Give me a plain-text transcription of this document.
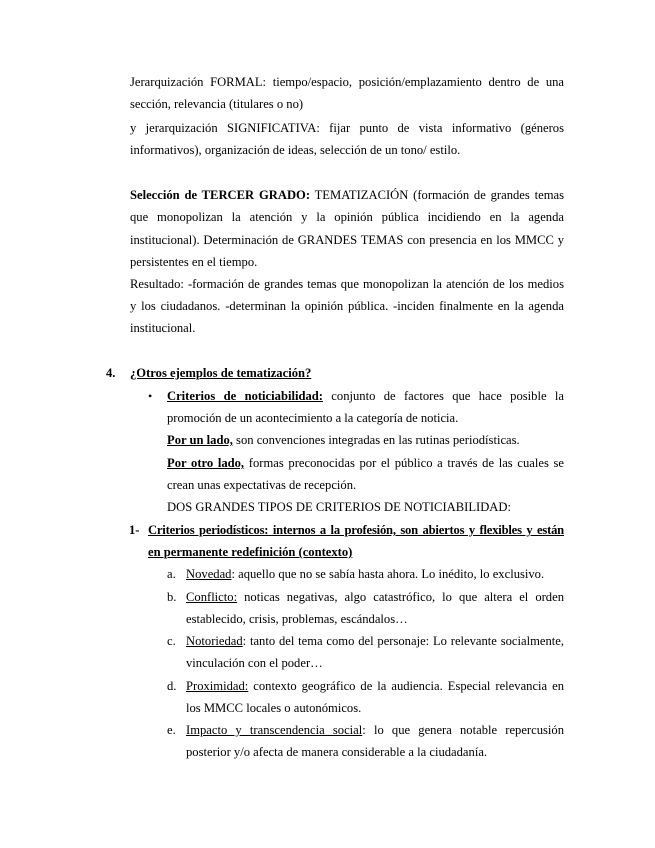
Jerarquización FORMAL: tiempo/espacio, posición/emplazamiento dentro de una
sección, relevancia (titulares o no)
y jerarquización SIGNIFICATIVA: fijar punto de vista informativo (géneros
informativos), organización de ideas, selección de un tono/ estilo.
Selección de TERCER GRADO: TEMATIZACIÓN (formación de grandes temas
que monopolizan la atención y la opinión pública incidiendo en la agenda
institucional). Determinación de GRANDES TEMAS con presencia en los MMCC y
persistentes en el tiempo.
Resultado: -formación de grandes temas que monopolizan la atención de los medios
y los ciudadanos. -determinan la opinión pública. -inciden finalmente en la agenda
institucional.
4. ¿Otros ejemplos de tematización?
• Criterios de noticiabilidad: conjunto de factores que hace posible la
promoción de un acontecimiento a la categoría de noticia.
Por un lado, son convenciones integradas en las rutinas periodísticas.
Por otro lado, formas preconocidas por el público a través de las cuales se
crean unas expectativas de recepción.
DOS GRANDES TIPOS DE CRITERIOS DE NOTICIABILIDAD:
1- Criterios periodísticos: internos a la profesión, son abiertos y flexibles y están
en permanente redefinición (contexto)
a. Novedad: aquello que no se sabía hasta ahora. Lo inédito, lo exclusivo.
b. Conflicto: noticas negativas, algo catastrófico, lo que altera el orden
establecido, crisis, problemas, escándalos…
c. Notoriedad: tanto del tema como del personaje: Lo relevante socialmente,
vinculación con el poder…
d. Proximidad: contexto geográfico de la audiencia. Especial relevancia en
los MMCC locales o autonómicos.
e. Impacto y transcendencia social: lo que genera notable repercusión
posterior y/o afecta de manera considerable a la ciudadanía.
